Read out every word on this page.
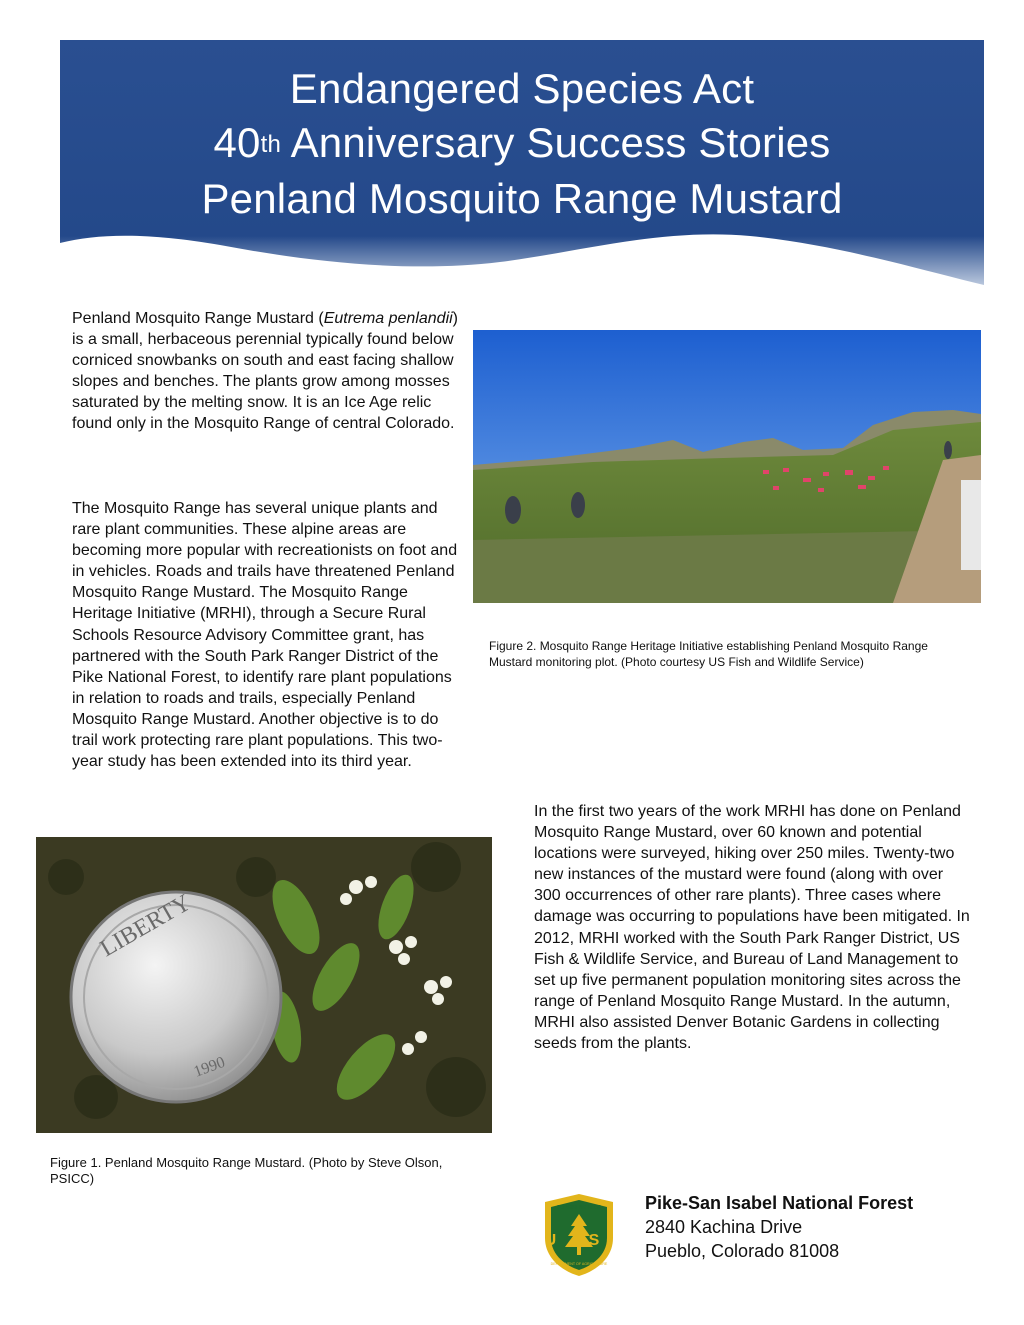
Endangered Species Act
40th Anniversary Success Stories
Penland Mosquito Range Mustard

Penland Mosquito Range Mustard (Eutrema penlandii) is a small, herbaceous perennial typically found below corniced snowbanks on south and east facing shallow slopes and benches. The plants grow among mosses saturated by the melting snow. It is an Ice Age relic found only in the Mosquito Range of central Colorado.

The Mosquito Range has several unique plants and rare plant communities. These alpine areas are becoming more popular with recreationists on foot and in vehicles. Roads and trails have threatened Penland Mosquito Range Mustard. The Mosquito Range Heritage Initiative (MRHI), through a Secure Rural Schools Resource Advisory Committee grant, has partnered with the South Park Ranger District of the Pike National Forest, to identify rare plant populations in relation to roads and trails, especially Penland Mosquito Range Mustard. Another objective is to do trail work protecting rare plant populations. This two-year study has been extended into its third year.

Figure 2. Mosquito Range Heritage Initiative establishing Penland Mosquito Range Mustard monitoring plot. (Photo courtesy US Fish and Wildlife Service)

In the first two years of the work MRHI has done on Penland Mosquito Range Mustard, over 60 known and potential locations were surveyed, hiking over 250 miles. Twenty-two new instances of the mustard were found (along with over 300 occurrences of other rare plants). Three cases where damage was occurring to populations have been mitigated. In 2012, MRHI worked with the South Park Ranger District, US Fish & Wildlife Service, and Bureau of Land Management to set up five permanent population monitoring sites across the range of Penland Mosquito Range Mustard. In the autumn, MRHI also assisted Denver Botanic Gardens in collecting seeds from the plants.

LIBERTY
1990

Figure 1. Penland Mosquito Range Mustard. (Photo by Steve Olson, PSICC)

FOREST SERVICE
U S
DEPARTMENT OF AGRICULTURE
Pike-San Isabel National Forest
2840 Kachina Drive
Pueblo, Colorado 81008
